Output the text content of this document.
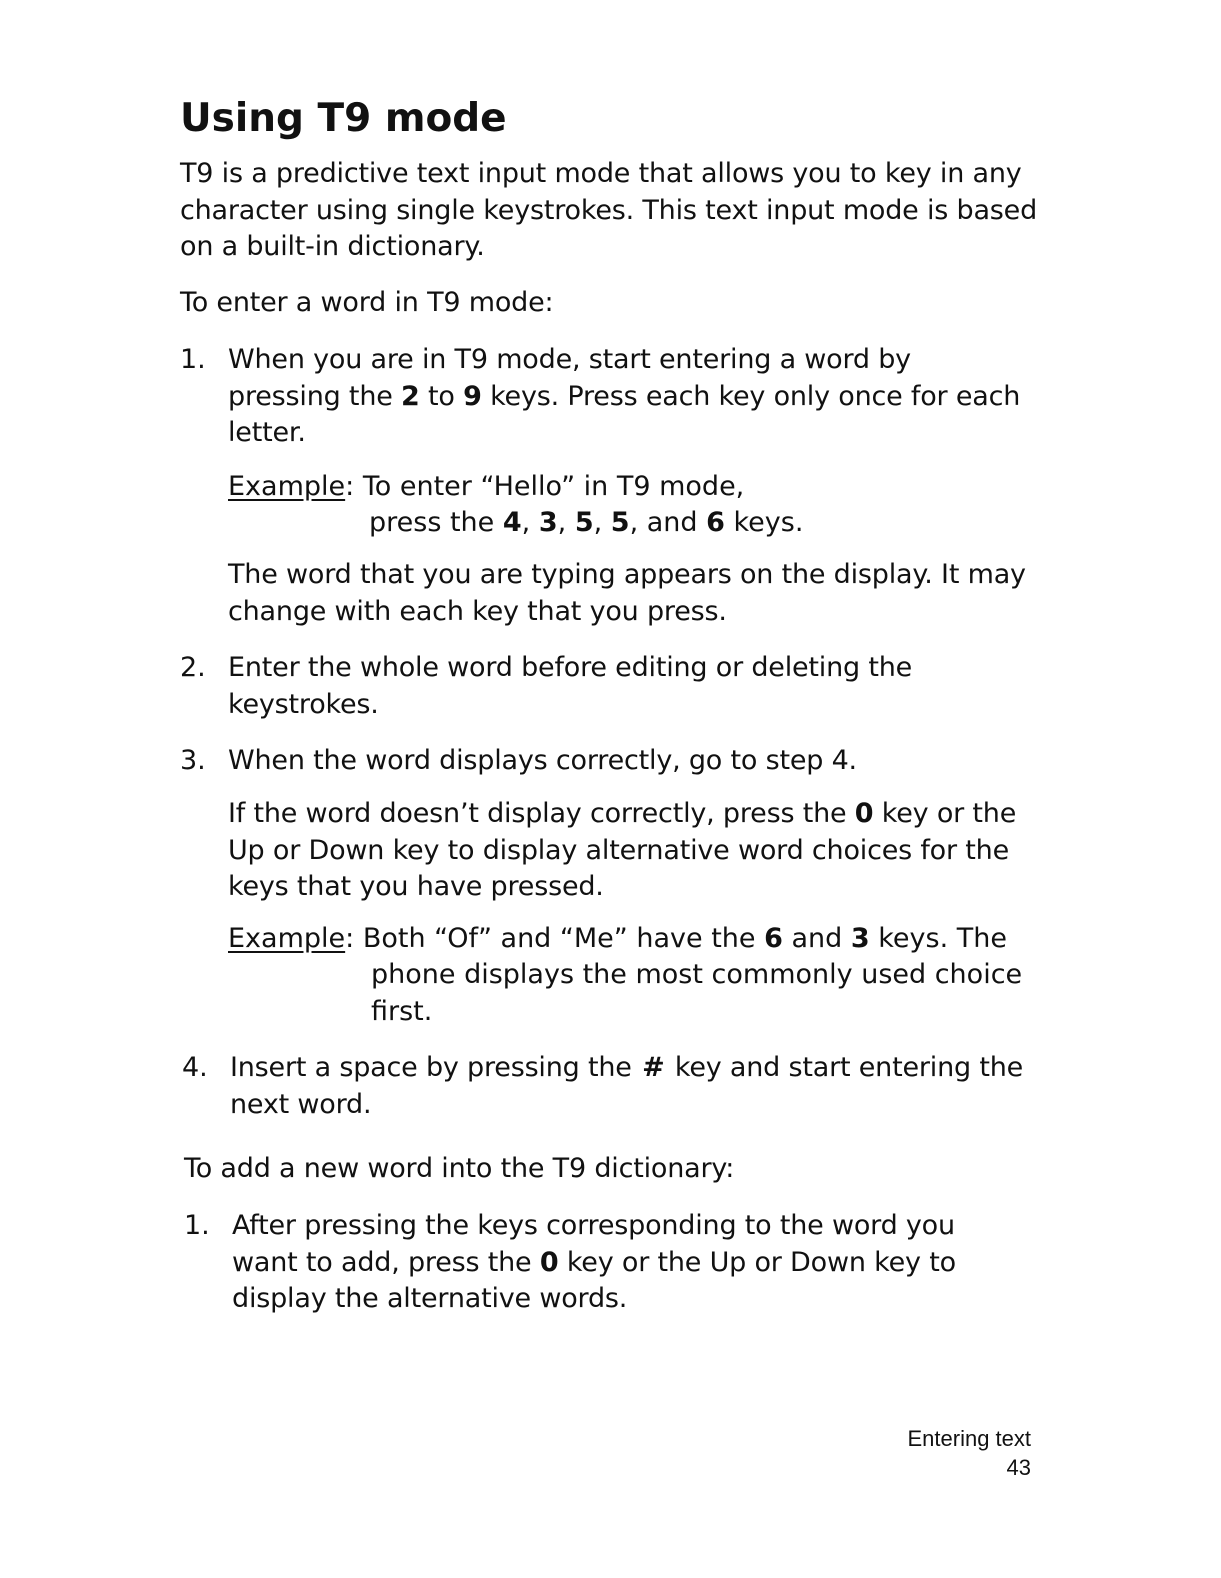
Using T9 mode

T9 is a predictive text input mode that allows you to key in any character using single keystrokes. This text input mode is based on a built-in dictionary.

To enter a word in T9 mode:

1. When you are in T9 mode, start entering a word by pressing the 2 to 9 keys. Press each key only once for each letter.

Example: To enter “Hello” in T9 mode,
press the 4, 3, 5, 5, and 6 keys.

The word that you are typing appears on the display. It may change with each key that you press.

2. Enter the whole word before editing or deleting the keystrokes.

3. When the word displays correctly, go to step 4.

If the word doesn’t display correctly, press the 0 key or the Up or Down key to display alternative word choices for the keys that you have pressed.

Example: Both “Of” and “Me” have the 6 and 3 keys. The
phone displays the most commonly used choice
first.
4. Insert a space by pressing the # key and start entering the next word.

To add a new word into the T9 dictionary:

1. After pressing the keys corresponding to the word you want to add, press the 0 key or the Up or Down key to display the alternative words.

Entering text
43
